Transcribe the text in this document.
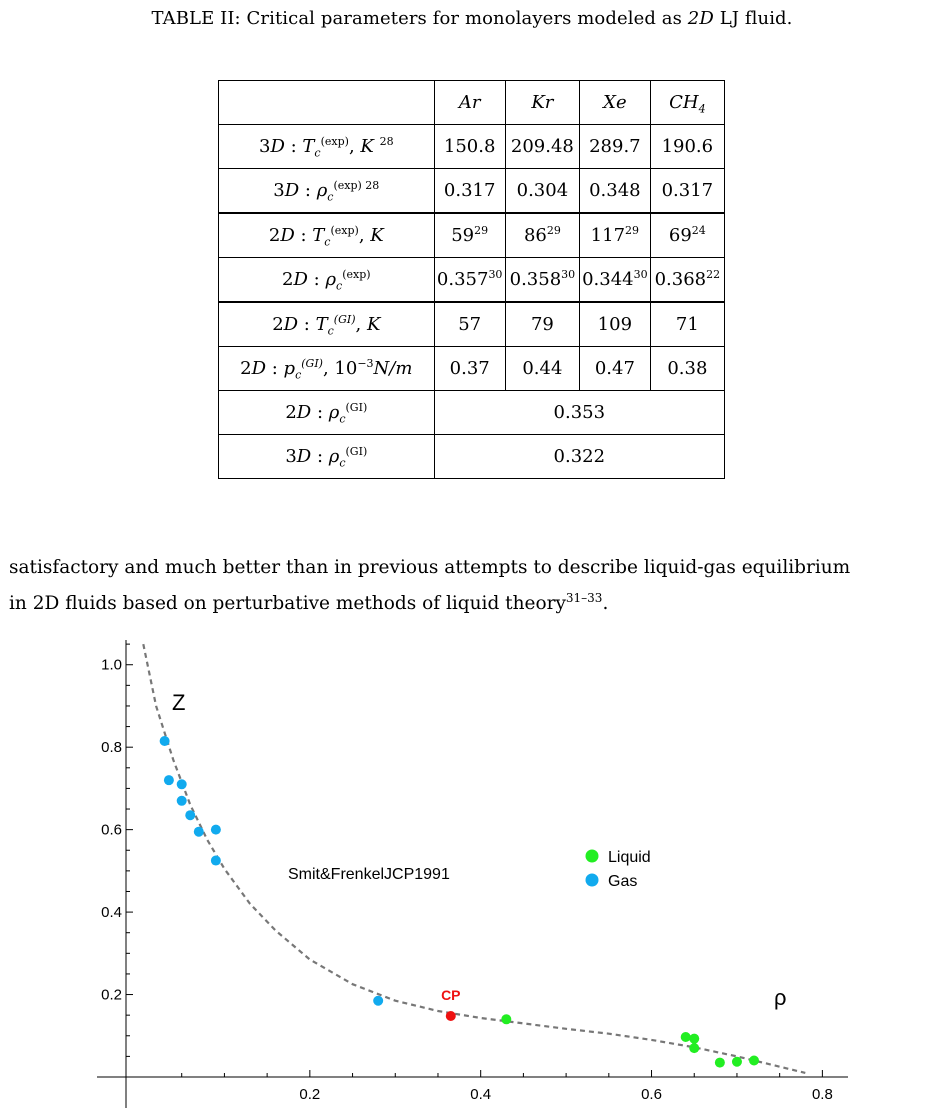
TABLE II: Critical parameters for monolayers modeled as 2D LJ fluid.
	Ar	Kr	Xe	$CH_4$
3D : $T_c^{(exp)}$, K $^{28}$	150.8	209.48	289.7	190.6
3D : $\rho_c^{(exp) 28}$	0.317	0.304	0.348	0.317
2D : $T_c^{(exp)}$, K	$59^{29}$	$86^{29}$	$117^{29}$	$69^{24}$
2D : $\rho_c^{(exp)}$	0.357$^{30}$	0.358$^{30}$	0.344$^{30}$	0.368$^{22}$
2D : $T_c^{(GI)}$, K	57	79	109	71
2D : $p_c^{(GI)}$, $10^{-3}N/m$	0.37	0.44	0.47	0.38
2D : $\rho_c^{(GI)}$	0.353			
3D : $\rho_c^{(GI)}$	0.322			
satisfactory and much better than in previous attempts to describe liquid-gas equilibrium
in 2D fluids based on perturbative methods of liquid theory$^{31-33}$.
0.2	0.4	0.6	0.8
0.2
0.4
0.6
0.8
1.0
CP
Smit&FrenkelJCP1991
Z
ρ
Liquid
Gas
